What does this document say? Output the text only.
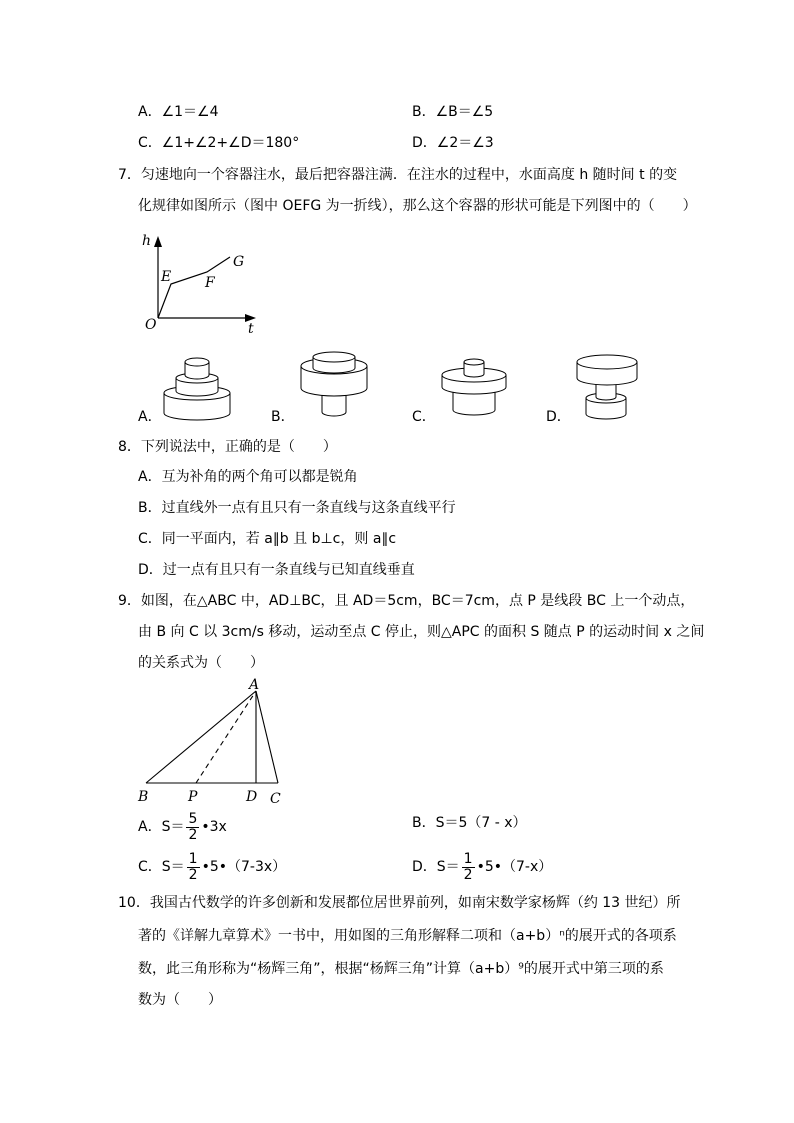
A．∠1＝∠4	B．∠B＝∠5
C．∠1+∠2+∠D＝180°	D．∠2＝∠3
7．匀速地向一个容器注水，最后把容器注满．在注水的过程中，水面高度 h 随时间 t 的变
化规律如图所示（图中 OEFG 为一折线），那么这个容器的形状可能是下列图中的（　　）
h
t
O
E F
G
A．	B．	C．	D．
8．下列说法中，正确的是（　　）
A．互为补角的两个角可以都是锐角
B．过直线外一点有且只有一条直线与这条直线平行
C．同一平面内，若 a∥b 且 b⊥c，则 a∥c
D．过一点有且只有一条直线与已知直线垂直
9．如图，在△ABC 中，AD⊥BC，且 AD＝5cm，BC＝7cm，点 P 是线段 BC 上一个动点，
由 B 向 C 以 3cm/s 移动，运动至点 C 停止，则△APC 的面积 S 随点 P 的运动时间 x 之间
的关系式为（　　）
A
B	P	D C
A．$S= \frac{5}{2}$ •3x	B．S＝5（7 - x）
C．$S= \frac{1}{2}$ •5•（7-3x）	D．$S= \frac{1}{2}$ •5•（7-x）
10．我国古代数学的许多创新和发展都位居世界前列，如南宋数学家杨辉（约 13 世纪）所
著的《详解九章算术》一书中，用如图的三角形解释二项和（a+b）ⁿ的展开式的各项系
数，此三角形称为“杨辉三角”，根据“杨辉三角”计算（a+b）⁹的展开式中第三项的系
数为（　　）
